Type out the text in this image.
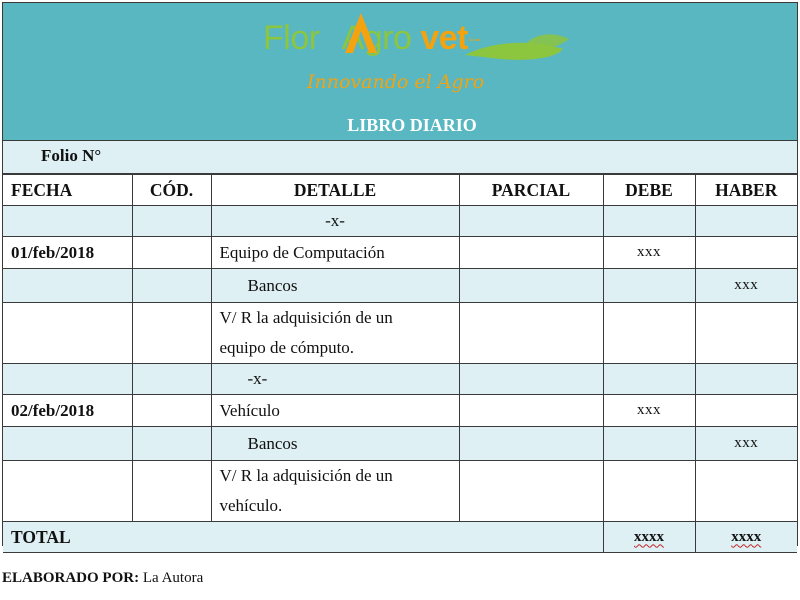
Flor Agro vetCía. Ltda.
Innovando el Agro
LIBRO DIARIO
Folio N°
FECHA	CÓD.	DETALLE	PARCIAL	DEBE	HABER
		-x-			
01/feb/2018		Equipo de Computación		xxx	
		Bancos			xxx

		V/ R la adquisición de un
equipo de cómputo.			

		-x-			
02/feb/2018		Vehículo		xxx	
		Bancos			xxx

		V/ R la adquisición de un
vehículo.			

TOTAL				xxxx	xxxx
ELABORADO POR: La Autora
